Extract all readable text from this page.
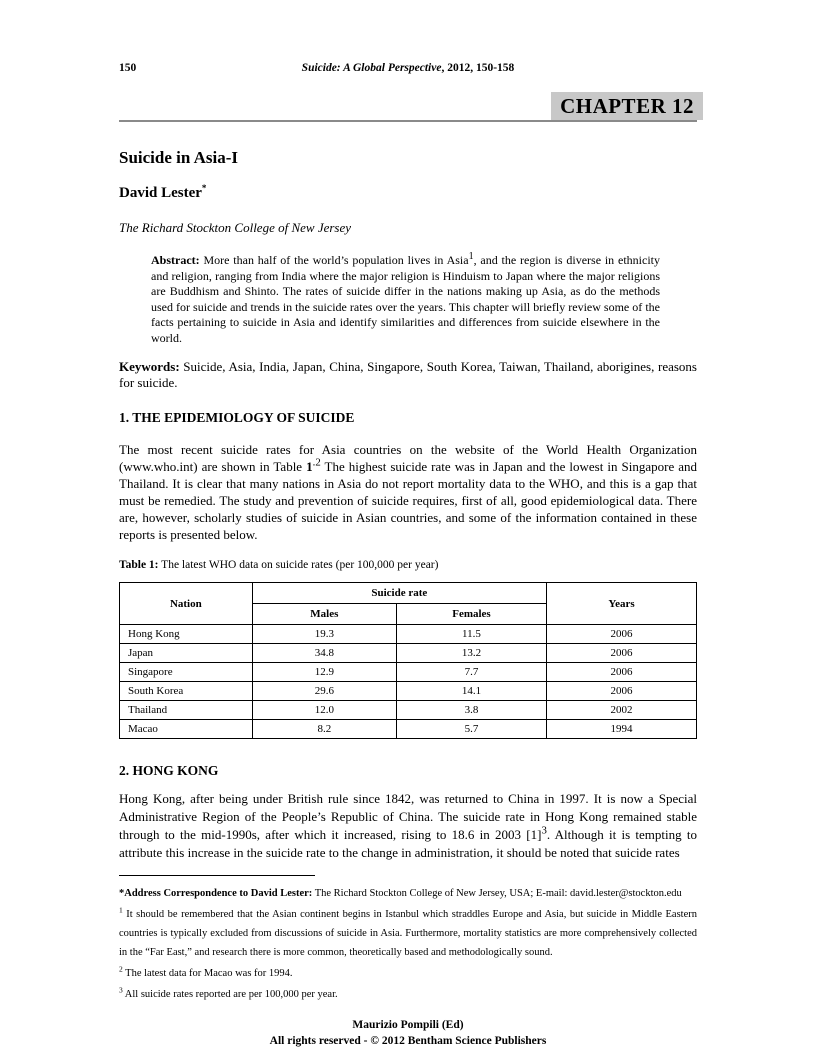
150	Suicide: A Global Perspective, 2012, 150-158
CHAPTER 12
Suicide in Asia-I
David Lester*
The Richard Stockton College of New Jersey
Abstract: More than half of the world’s population lives in Asia$^1$, and the region is diverse in ethnicity and religion, ranging from India where the major religion is Hinduism to Japan where the major religions are Buddhism and Shinto. The rates of suicide differ in the nations making up Asia, as do the methods used for suicide and trends in the suicide rates over the years. This chapter will briefly review some of the facts pertaining to suicide in Asia and identify similarities and differences from suicide elsewhere in the world.
Keywords: Suicide, Asia, India, Japan, China, Singapore, South Korea, Taiwan, Thailand, aborigines, reasons for suicide.
1. THE EPIDEMIOLOGY OF SUICIDE
The most recent suicide rates for Asia countries on the website of the World Health Organization (www.who.int) are shown in Table $1^{.2}$ The highest suicide rate was in Japan and the lowest in Singapore and Thailand. It is clear that many nations in Asia do not report mortality data to the WHO, and this is a gap that must be remedied. The study and prevention of suicide requires, first of all, good epidemiological data. There are, however, scholarly studies of suicide in Asian countries, and some of the information contained in these reports is presented below.
Table 1: The latest WHO data on suicide rates (per 100,000 per year)
Nation	Suicide rate		Years
	Males	Females	
Hong Kong	19.3	11.5	2006
Japan	34.8	13.2	2006
Singapore	12.9	7.7	2006
South Korea	29.6	14.1	2006
Thailand	12.0	3.8	2002
Macao	8.2	5.7	1994
2. HONG KONG
Hong Kong, after being under British rule since 1842, was returned to China in 1997. It is now a Special Administrative Region of the People’s Republic of China. The suicide rate in Hong Kong remained stable through to the mid-1990s, after which it increased, rising to 18.6 in 2003 $[1]^3$. Although it is tempting to attribute this increase in the suicide rate to the change in administration, it should be noted that suicide rates
*Address Correspondence to David Lester: The Richard Stockton College of New Jersey, USA; E-mail: david.lester@stockton.edu
$^1$ It should be remembered that the Asian continent begins in Istanbul which straddles Europe and Asia, but suicide in Middle Eastern countries is typically excluded from discussions of suicide in Asia. Furthermore, mortality statistics are more comprehensively collected in the “Far East,” and research there is more common, theoretically based and methodologically sound.
$^2$ The latest data for Macao was for 1994.
$^3$ All suicide rates reported are per 100,000 per year.
Maurizio Pompili (Ed)
All rights reserved - © 2012 Bentham Science Publishers
